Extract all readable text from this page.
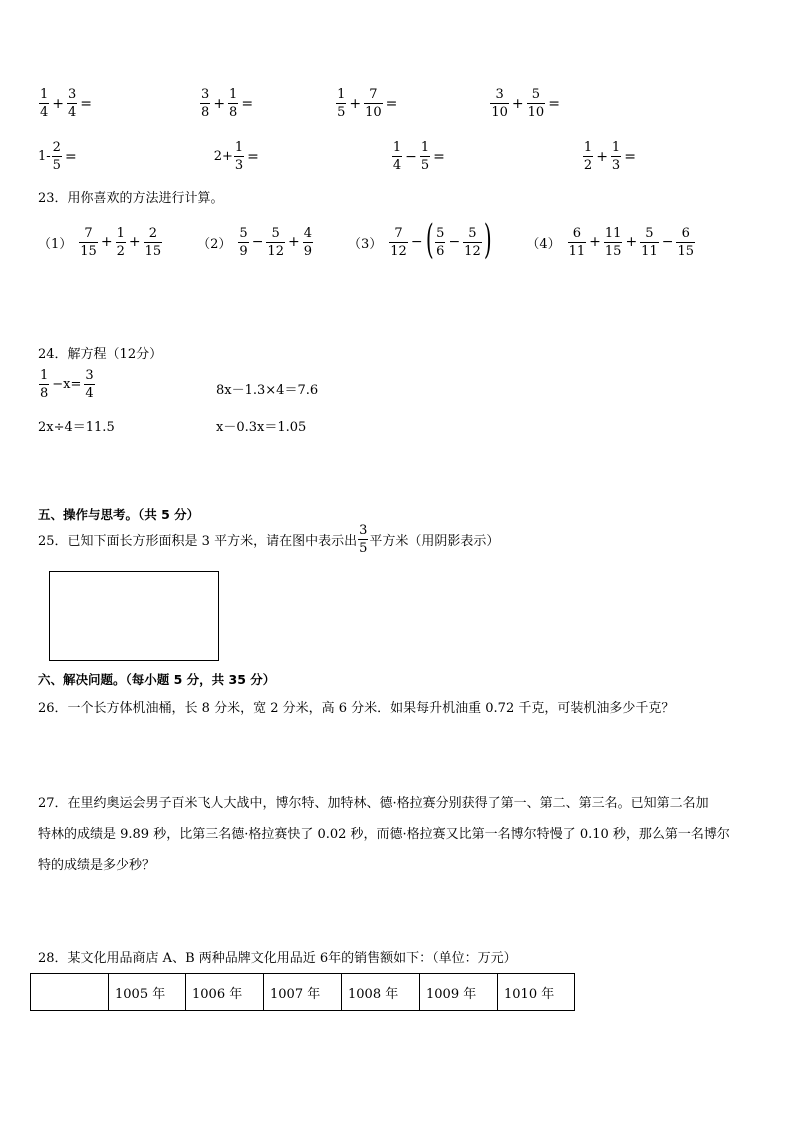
$\frac{1}{4} + \frac{3}{4}$ =	$\frac{3}{8} + \frac{1}{8}$ =	$\frac{1}{5} + \frac{7}{10}$ =	$\frac{3}{10} + \frac{5}{10}$ =
$1- \frac{2}{5}$ =	$2+ \frac{1}{3}$ =	$\frac{1}{4} - \frac{1}{5}$ =	$\frac{1}{2} + \frac{1}{3}$ =
23．用你喜欢的方法进行计算。
$(1) \frac{7}{15} + \frac{1}{2} + \frac{2}{15}$	$(2) \frac{5}{9} - \frac{5}{12} + \frac{4}{9}$	$(3) \frac{7}{12}$ − ( $\frac{5}{6} - \frac{5}{12}$ )	$(4) \frac{6}{11} + \frac{11}{15} + \frac{5}{11} - \frac{6}{15}$
24．解方程（12分）
$\frac{1}{8} -x= \frac{3}{4}$	8x－1.3×4＝7.6
2x÷4＝11.5	x－0.3x＝1.05
五、操作与思考。（共 5 分）
25．已知下面长方形面积是 3 平方米，请在图中表示出 $\frac{3}{5}$ 平方米（用阴影表示）
六、解决问题。（每小题 5 分，共 35 分）
26．一个长方体机油桶，长 8 分米，宽 2 分米，高 6 分米．如果每升机油重 0.72 千克，可装机油多少千克？
27．在里约奥运会男子百米飞人大战中，博尔特、加特林、德·格拉赛分别获得了第一、第二、第三名。已知第二名加
特林的成绩是 9.89 秒，比第三名德·格拉赛快了 0.02 秒，而德·格拉赛又比第一名博尔特慢了 0.10 秒，那么第一名博尔
特的成绩是多少秒？
28．某文化用品商店 A、B 两种品牌文化用品近 6年的销售额如下：（单位：万元）
	1005 年	1006 年	1007 年	1008 年	1009 年	1010 年
